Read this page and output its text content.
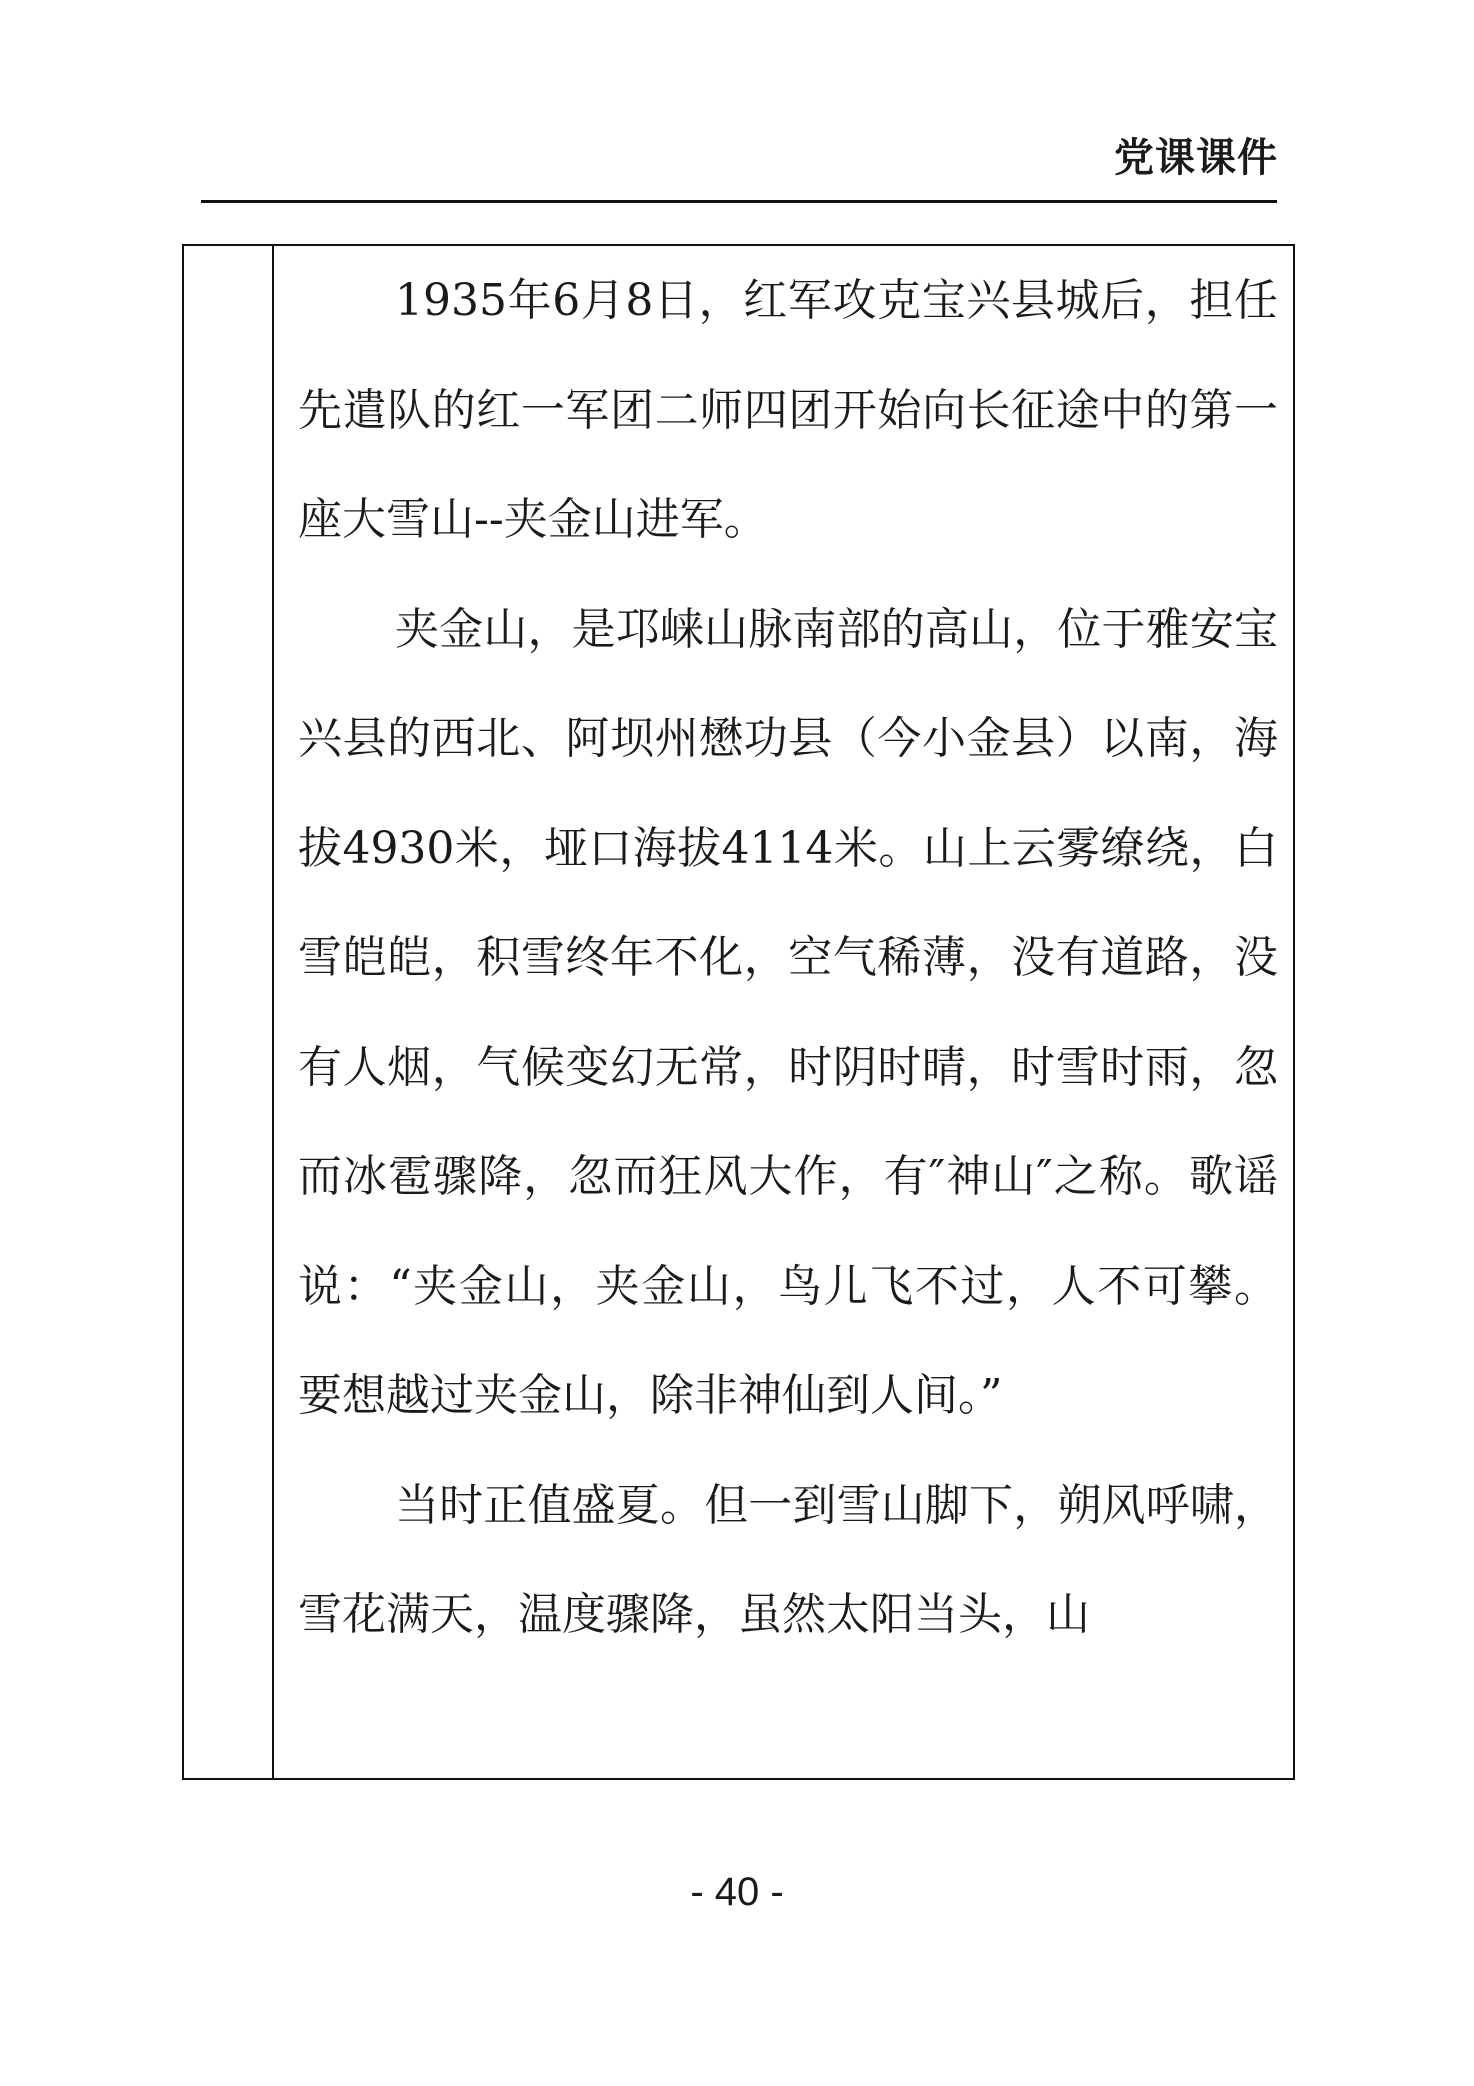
党课课件

1935年6月8日，红军攻克宝兴县城后，担任先遣队的红一军团二师四团开始向长征途中的第一座大雪山--夹金山进军。

夹金山，是邛崃山脉南部的高山，位于雅安宝兴县的西北、阿坝州懋功县（今小金县）以南，海拔4930米，垭口海拔4114米。山上云雾缭绕，白雪皑皑，积雪终年不化，空气稀薄，没有道路，没有人烟，气候变幻无常，时阴时晴，时雪时雨，忽而冰雹骤降，忽而狂风大作，有″神山″之称。歌谣说：“夹金山，夹金山，鸟儿飞不过，人不可攀。要想越过夹金山，除非神仙到人间。”

当时正值盛夏。但一到雪山脚下，朔风呼啸，雪花满天，温度骤降，虽然太阳当头，山

- 40 -
